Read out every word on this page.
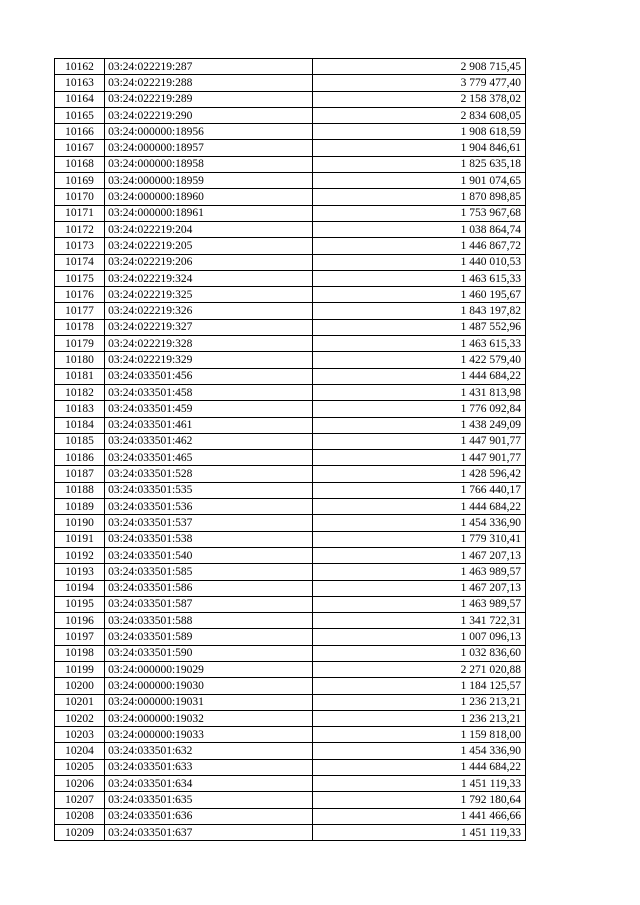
10162	03:24:022219:287	2 908 715,45
10163	03:24:022219:288	3 779 477,40
10164	03:24:022219:289	2 158 378,02
10165	03:24:022219:290	2 834 608,05
10166	03:24:000000:18956	1 908 618,59
10167	03:24:000000:18957	1 904 846,61
10168	03:24:000000:18958	1 825 635,18
10169	03:24:000000:18959	1 901 074,65
10170	03:24:000000:18960	1 870 898,85
10171	03:24:000000:18961	1 753 967,68
10172	03:24:022219:204	1 038 864,74
10173	03:24:022219:205	1 446 867,72
10174	03:24:022219:206	1 440 010,53
10175	03:24:022219:324	1 463 615,33
10176	03:24:022219:325	1 460 195,67
10177	03:24:022219:326	1 843 197,82
10178	03:24:022219:327	1 487 552,96
10179	03:24:022219:328	1 463 615,33
10180	03:24:022219:329	1 422 579,40
10181	03:24:033501:456	1 444 684,22
10182	03:24:033501:458	1 431 813,98
10183	03:24:033501:459	1 776 092,84
10184	03:24:033501:461	1 438 249,09
10185	03:24:033501:462	1 447 901,77
10186	03:24:033501:465	1 447 901,77
10187	03:24:033501:528	1 428 596,42
10188	03:24:033501:535	1 766 440,17
10189	03:24:033501:536	1 444 684,22
10190	03:24:033501:537	1 454 336,90
10191	03:24:033501:538	1 779 310,41
10192	03:24:033501:540	1 467 207,13
10193	03:24:033501:585	1 463 989,57
10194	03:24:033501:586	1 467 207,13
10195	03:24:033501:587	1 463 989,57
10196	03:24:033501:588	1 341 722,31
10197	03:24:033501:589	1 007 096,13
10198	03:24:033501:590	1 032 836,60
10199	03:24:000000:19029	2 271 020,88
10200	03:24:000000:19030	1 184 125,57
10201	03:24:000000:19031	1 236 213,21
10202	03:24:000000:19032	1 236 213,21
10203	03:24:000000:19033	1 159 818,00
10204	03:24:033501:632	1 454 336,90
10205	03:24:033501:633	1 444 684,22
10206	03:24:033501:634	1 451 119,33
10207	03:24:033501:635	1 792 180,64
10208	03:24:033501:636	1 441 466,66
10209	03:24:033501:637	1 451 119,33
